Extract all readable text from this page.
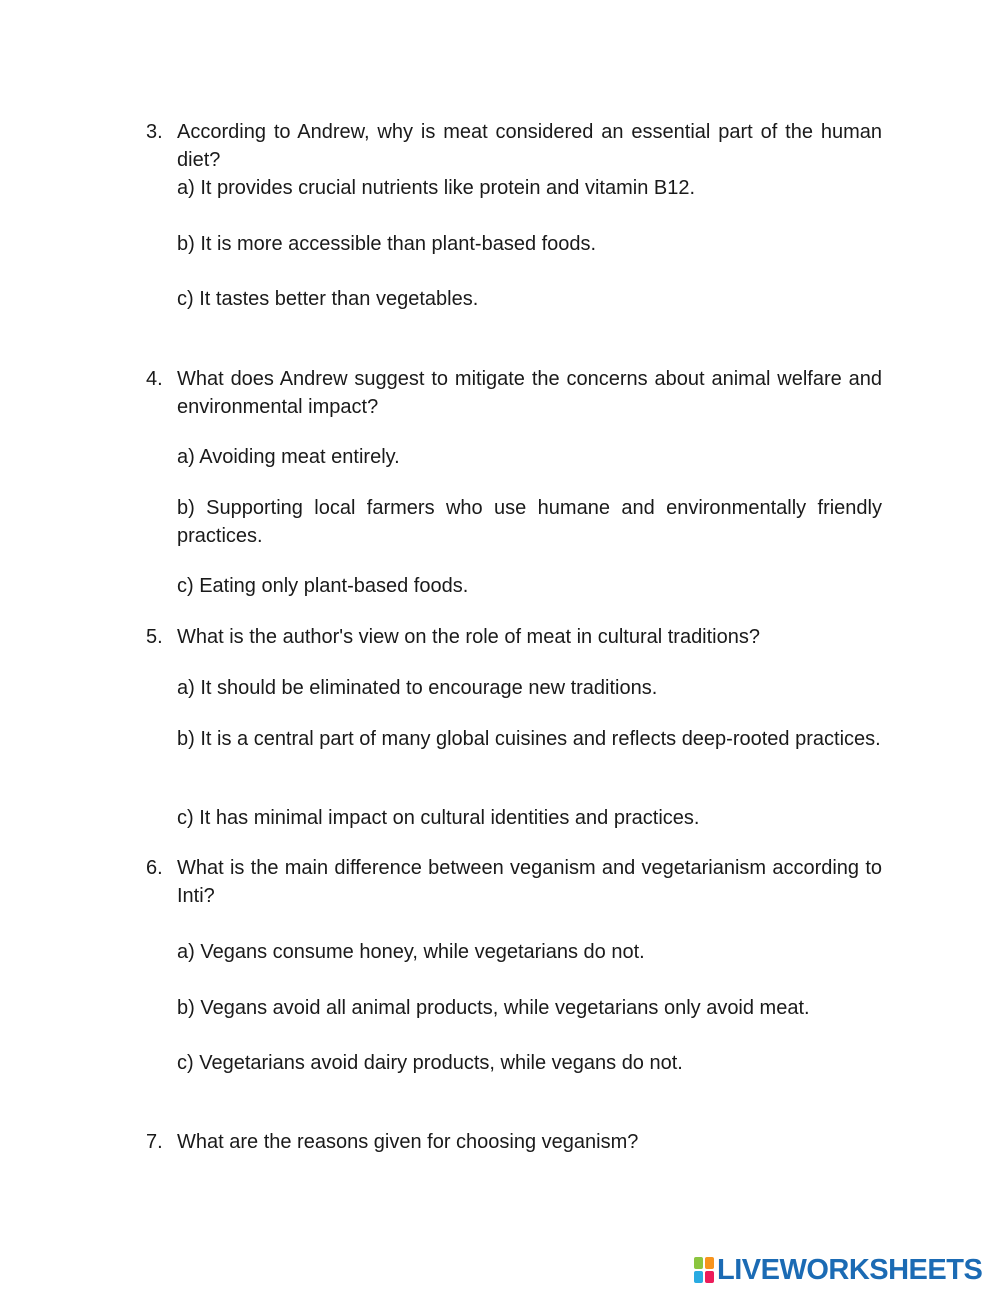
3. According to Andrew, why is meat considered an essential part of the human diet?
a) It provides crucial nutrients like protein and vitamin B12.
b) It is more accessible than plant-based foods.
c) It tastes better than vegetables.
4. What does Andrew suggest to mitigate the concerns about animal welfare and environmental impact?
a) Avoiding meat entirely.
b) Supporting local farmers who use humane and environmentally friendly practices.
c) Eating only plant-based foods.
5. What is the author's view on the role of meat in cultural traditions?
a) It should be eliminated to encourage new traditions.
b) It is a central part of many global cuisines and reflects deep-rooted practices.
c) It has minimal impact on cultural identities and practices.
6. What is the main difference between veganism and vegetarianism according to Inti?
a) Vegans consume honey, while vegetarians do not.
b) Vegans avoid all animal products, while vegetarians only avoid meat.
c) Vegetarians avoid dairy products, while vegans do not.
7. What are the reasons given for choosing veganism?
LIVEWORKSHEETS
